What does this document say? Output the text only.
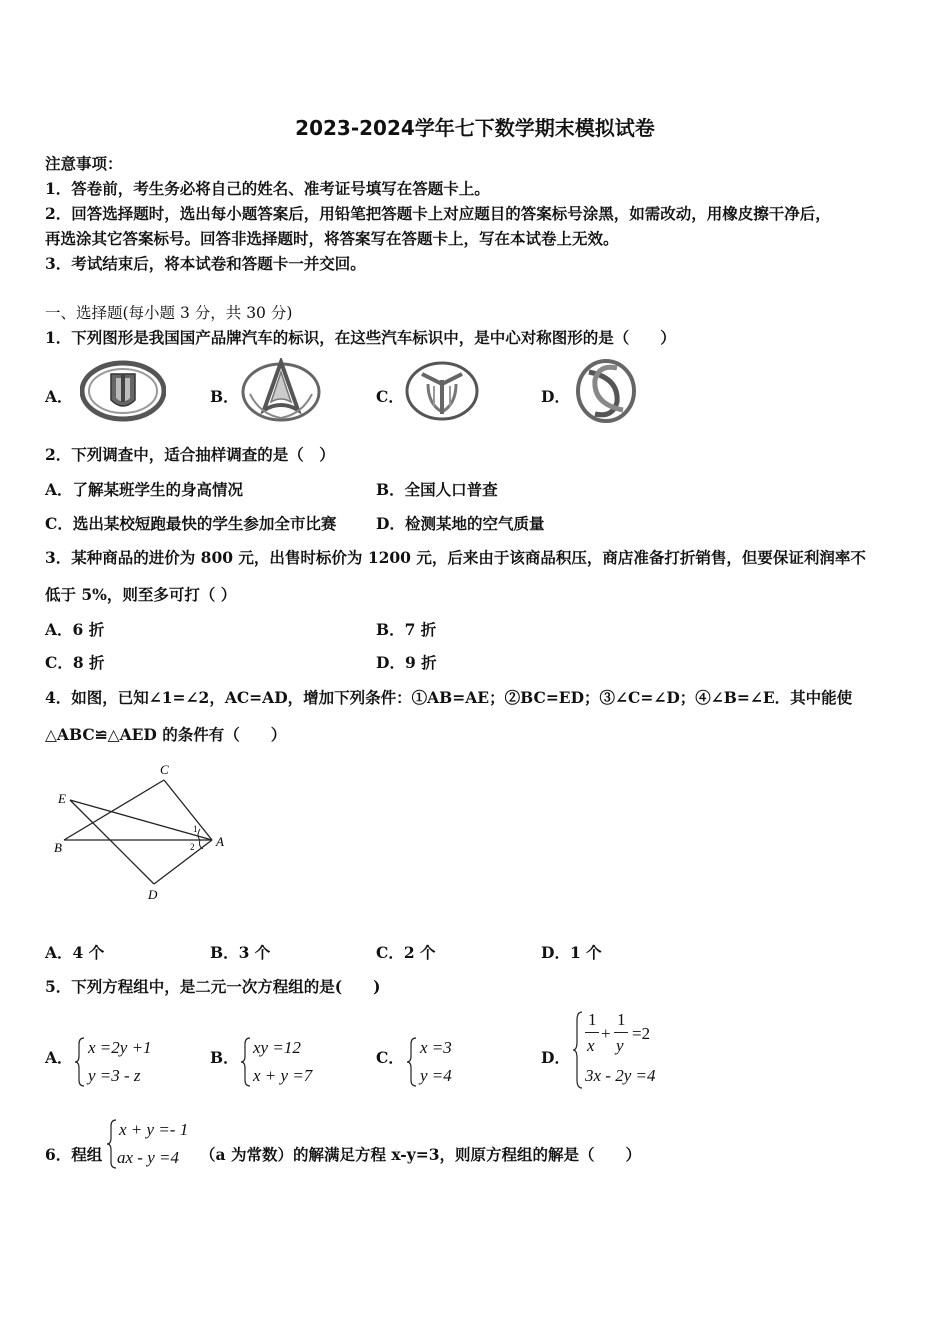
2023-2024学年七下数学期末模拟试卷
注意事项：
1．答卷前，考生务必将自己的姓名、准考证号填写在答题卡上。
2．回答选择题时，选出每小题答案后，用铅笔把答题卡上对应题目的答案标号涂黑，如需改动，用橡皮擦干净后，
再选涂其它答案标号。回答非选择题时，将答案写在答题卡上，写在本试卷上无效。
3．考试结束后，将本试卷和答题卡一并交回。
一、选择题(每小题 3 分，共 30 分)
1．下列图形是我国国产品牌汽车的标识，在这些汽车标识中，是中心对称图形的是（　　）
A．	B．	C．	D．
2．下列调查中，适合抽样调查的是（　）
A．了解某班学生的身高情况	B．全国人口普查
C．选出某校短跑最快的学生参加全市比赛	D．检测某地的空气质量
3．某种商品的进价为 800 元，出售时标价为 1200 元，后来由于该商品积压，商店准备打折销售，但要保证利润率不
低于 5%，则至多可打（ ）
A．6 折	B．7 折
C．8 折	D．9 折
4．如图，已知∠1=∠2，AC=AD，增加下列条件：①AB=AE；②BC=ED；③∠C=∠D；④∠B=∠E．其中能使
△ABC≌△AED 的条件有（　　）
C
E
B	A
D
1
2
A．4 个	B．3 个	C．2 个	D．1 个
5．下列方程组中，是二元一次方程组的是(　　)
A．
x =2y +1
y =3 - z
B．
xy =12
x + y =7
C．
x =3
y =4
D．
1
x
+
1
y
=2
3x - 2y =4
6．程组
x + y =- 1
ax - y =4 （a 为常数）的解满足方程 x-y=3，则原方程组的解是（　　）
